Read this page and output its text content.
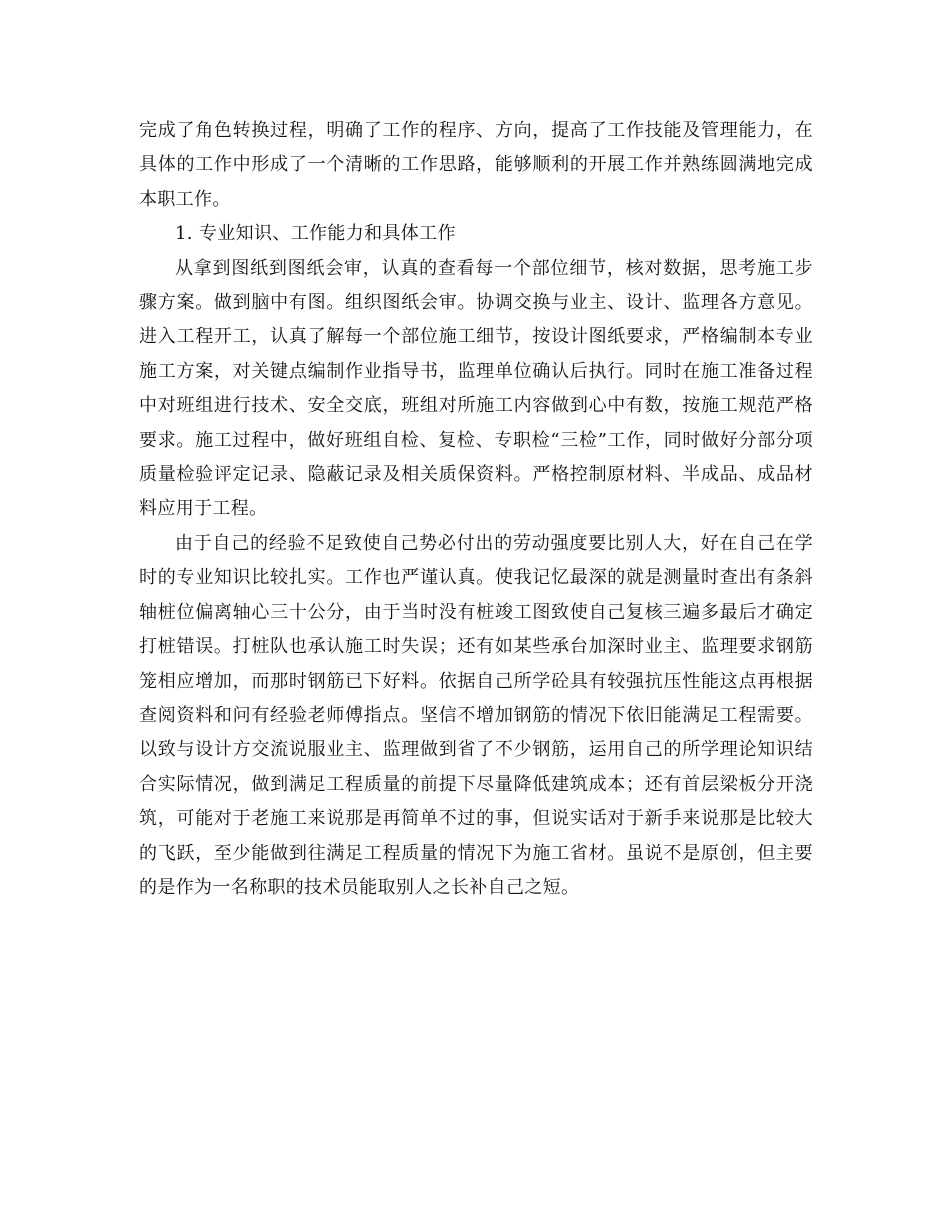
完成了角色转换过程，明确了工作的程序、方向，提高了工作技能及管理能力，在具体的工作中形成了一个清晰的工作思路，能够顺利的开展工作并熟练圆满地完成本职工作。

1. 专业知识、工作能力和具体工作

从拿到图纸到图纸会审，认真的查看每一个部位细节，核对数据，思考施工步骤方案。做到脑中有图。组织图纸会审。协调交换与业主、设计、监理各方意见。进入工程开工，认真了解每一个部位施工细节，按设计图纸要求，严格编制本专业施工方案，对关键点编制作业指导书，监理单位确认后执行。同时在施工准备过程中对班组进行技术、安全交底，班组对所施工内容做到心中有数，按施工规范严格要求。施工过程中，做好班组自检、复检、专职检“三检”工作，同时做好分部分项质量检验评定记录、隐蔽记录及相关质保资料。严格控制原材料、半成品、成品材料应用于工程。

由于自己的经验不足致使自己势必付出的劳动强度要比别人大，好在自己在学时的专业知识比较扎实。工作也严谨认真。使我记忆最深的就是测量时查出有条斜轴桩位偏离轴心三十公分，由于当时没有桩竣工图致使自己复核三遍多最后才确定打桩错误。打桩队也承认施工时失误；还有如某些承台加深时业主、监理要求钢筋笼相应增加，而那时钢筋已下好料。依据自己所学砼具有较强抗压性能这点再根据查阅资料和问有经验老师傅指点。坚信不增加钢筋的情况下依旧能满足工程需要。以致与设计方交流说服业主、监理做到省了不少钢筋，运用自己的所学理论知识结合实际情况，做到满足工程质量的前提下尽量降低建筑成本；还有首层梁板分开浇筑，可能对于老施工来说那是再简单不过的事，但说实话对于新手来说那是比较大的飞跃，至少能做到往满足工程质量的情况下为施工省材。虽说不是原创，但主要的是作为一名称职的技术员能取别人之长补自己之短。
